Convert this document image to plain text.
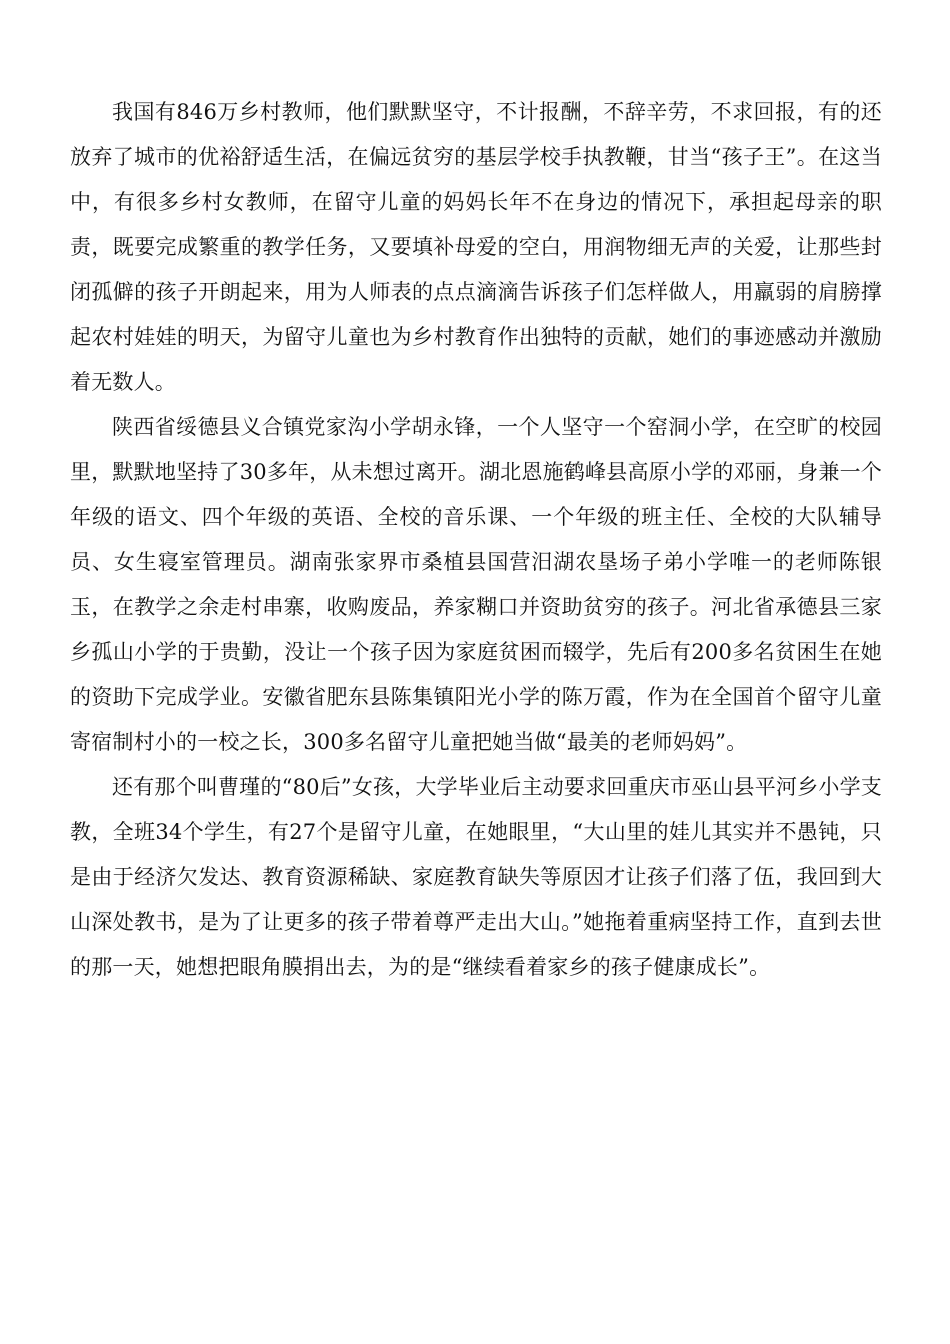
我国有846万乡村教师，他们默默坚守，不计报酬，不辞辛劳，不求回报，有的还放弃了城市的优裕舒适生活，在偏远贫穷的基层学校手执教鞭，甘当“孩子王”。在这当中，有很多乡村女教师，在留守儿童的妈妈长年不在身边的情况下，承担起母亲的职责，既要完成繁重的教学任务，又要填补母爱的空白，用润物细无声的关爱，让那些封闭孤僻的孩子开朗起来，用为人师表的点点滴滴告诉孩子们怎样做人，用羸弱的肩膀撑起农村娃娃的明天，为留守儿童也为乡村教育作出独特的贡献，她们的事迹感动并激励着无数人。

陕西省绥德县义合镇党家沟小学胡永锋，一个人坚守一个窑洞小学，在空旷的校园里，默默地坚持了30多年，从未想过离开。湖北恩施鹤峰县高原小学的邓丽，身兼一个年级的语文、四个年级的英语、全校的音乐课、一个年级的班主任、全校的大队辅导员、女生寝室管理员。湖南张家界市桑植县国营汨湖农垦场子弟小学唯一的老师陈银玉，在教学之余走村串寨，收购废品，养家糊口并资助贫穷的孩子。河北省承德县三家乡孤山小学的于贵勤，没让一个孩子因为家庭贫困而辍学，先后有200多名贫困生在她的资助下完成学业。安徽省肥东县陈集镇阳光小学的陈万霞，作为在全国首个留守儿童寄宿制村小的一校之长，300多名留守儿童把她当做“最美的老师妈妈”。

还有那个叫曹瑾的“80后”女孩，大学毕业后主动要求回重庆市巫山县平河乡小学支教，全班34个学生，有27个是留守儿童，在她眼里，“大山里的娃儿其实并不愚钝，只是由于经济欠发达、教育资源稀缺、家庭教育缺失等原因才让孩子们落了伍，我回到大山深处教书，是为了让更多的孩子带着尊严走出大山。”她拖着重病坚持工作，直到去世的那一天，她想把眼角膜捐出去，为的是“继续看着家乡的孩子健康成长”。
